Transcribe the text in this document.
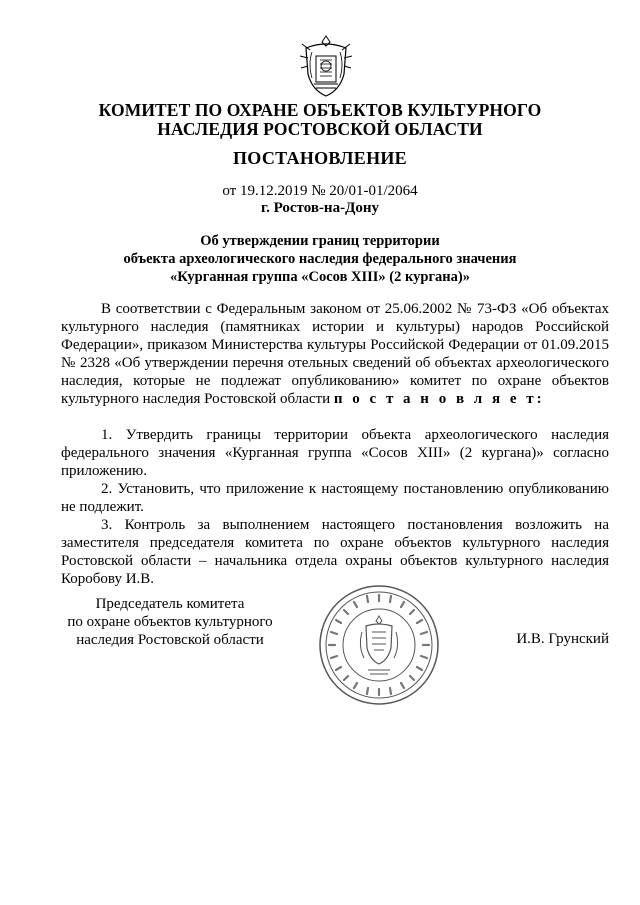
КОМИТЕТ ПО ОХРАНЕ ОБЪЕКТОВ КУЛЬТУРНОГО
НАСЛЕДИЯ РОСТОВСКОЙ ОБЛАСТИ
ПОСТАНОВЛЕНИЕ
от 19.12.2019 № 20/01-01/2064
г. Ростов-на-Дону
Об утверждении границ территории
объекта археологического наследия федерального значения
«Курганная группа «Сосов XIII» (2 кургана)»

В соответствии с Федеральным законом от 25.06.2002 № 73-ФЗ «Об объектах культурного наследия (памятниках истории и культуры) народов Российской Федерации», приказом Министерства культуры Российской Федерации от 01.09.2015 № 2328 «Об утверждении перечня отельных сведений об объектах археологического наследия, которые не подлежат опубликованию» комитет по охране объектов культурного наследия Ростовской области п о с т а н о в л я е т:

1. Утвердить границы территории объекта археологического наследия федерального значения «Курганная группа «Сосов XIII» (2 кургана)» согласно приложению.

2. Установить, что приложение к настоящему постановлению опубликованию не подлежит.

3. Контроль за выполнением настоящего постановления возложить на заместителя председателя комитета по охране объектов культурного наследия Ростовской области – начальника отдела охраны объектов культурного наследия Коробову И.В.

Председатель комитета
по охране объектов культурного
наследия Ростовской области	И.В. Грунский
